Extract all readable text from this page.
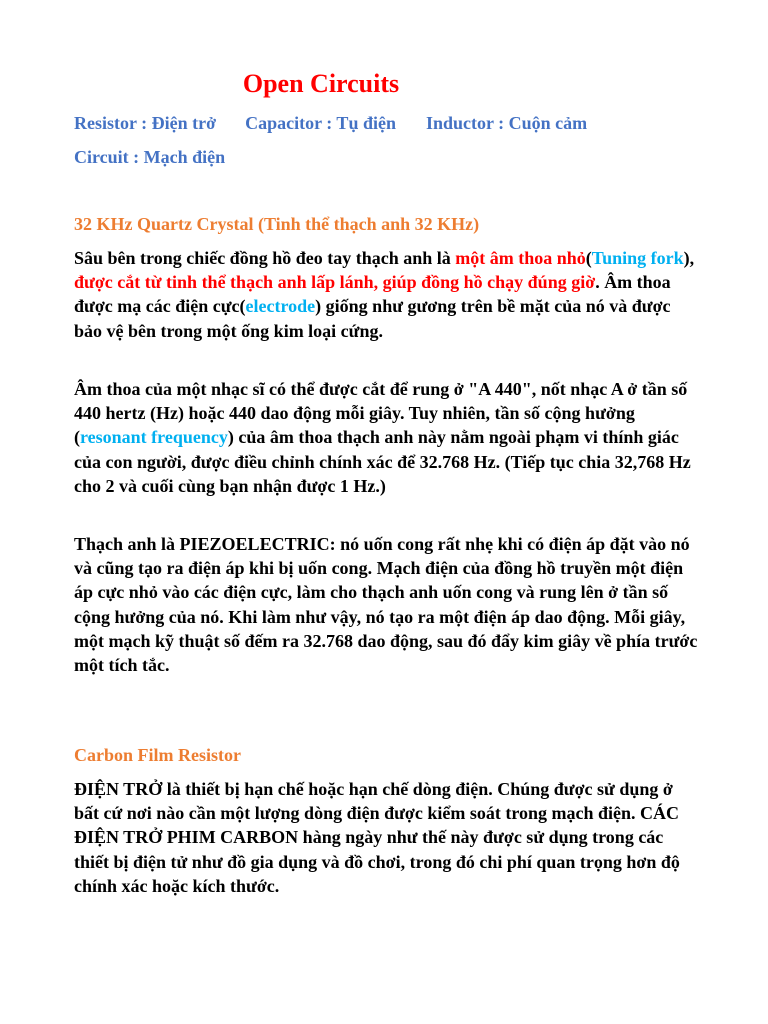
Open Circuits
Resistor : Điện trở Capacitor : Tụ điện Inductor : Cuộn cảm
Circuit : Mạch điện
32 KHz Quartz Crystal (Tinh thể thạch anh 32 KHz)

Sâu bên trong chiếc đồng hồ đeo tay thạch anh là một âm thoa nhỏ(Tuning fork), được cắt từ tinh thể thạch anh lấp lánh, giúp đồng hồ chạy đúng giờ. Âm thoa được mạ các điện cực(electrode) giống như gương trên bề mặt của nó và được bảo vệ bên trong một ống kim loại cứng.

Âm thoa của một nhạc sĩ có thể được cắt để rung ở "A 440", nốt nhạc A ở tần số 440 hertz (Hz) hoặc 440 dao động mỗi giây. Tuy nhiên, tần số cộng hưởng (resonant frequency) của âm thoa thạch anh này nằm ngoài phạm vi thính giác của con người, được điều chỉnh chính xác để 32.768 Hz. (Tiếp tục chia 32,768 Hz cho 2 và cuối cùng bạn nhận được 1 Hz.)

Thạch anh là PIEZOELECTRIC: nó uốn cong rất nhẹ khi có điện áp đặt vào nó và cũng tạo ra điện áp khi bị uốn cong. Mạch điện của đồng hồ truyền một điện áp cực nhỏ vào các điện cực, làm cho thạch anh uốn cong và rung lên ở tần số cộng hưởng của nó. Khi làm như vậy, nó tạo ra một điện áp dao động. Mỗi giây, một mạch kỹ thuật số đếm ra 32.768 dao động, sau đó đẩy kim giây về phía trước một tích tắc.

Carbon Film Resistor

ĐIỆN TRỞ là thiết bị hạn chế hoặc hạn chế dòng điện. Chúng được sử dụng ở bất cứ nơi nào cần một lượng dòng điện được kiểm soát trong mạch điện. CÁC ĐIỆN TRỞ PHIM CARBON hàng ngày như thế này được sử dụng trong các thiết bị điện tử như đồ gia dụng và đồ chơi, trong đó chi phí quan trọng hơn độ chính xác hoặc kích thước.
